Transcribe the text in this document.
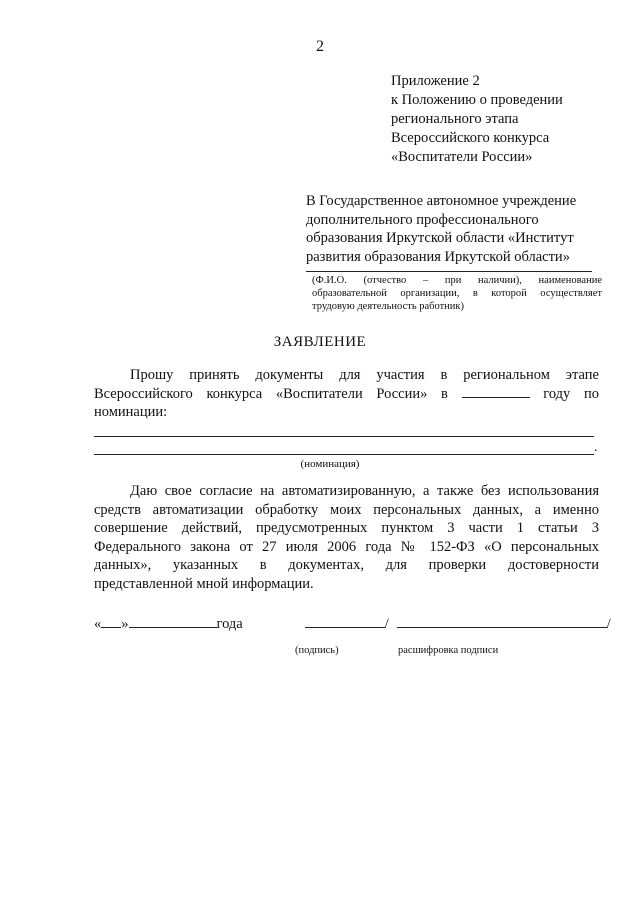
2
Приложение 2
к Положению о проведении
регионального этапа
Всероссийского конкурса
«Воспитатели России»
В Государственное автономное учреждение
дополнительного профессионального
образования Иркутской области «Институт
развития образования Иркутской области»
(Ф.И.О. (отчество – при наличии), наименование образовательной организации, в которой осуществляет трудовую деятельность работник)
ЗАЯВЛЕНИЕ
Прошу принять документы для участия в региональном этапе
Всероссийского конкурса «Воспитатели России» в	году по
номинации:
.
(номинация)
Даю свое согласие на автоматизированную, а также без использования
средств автоматизации обработку моих персональных данных, а именно
совершение действий, предусмотренных пунктом 3 части 1 статьи 3
Федерального закона от 27 июля 2006 года № 152-ФЗ «О персональных
данных», указанных в документах, для проверки достоверности
представленной мной информации.
« »	года	/	/
(подпись)	расшифровка подписи
